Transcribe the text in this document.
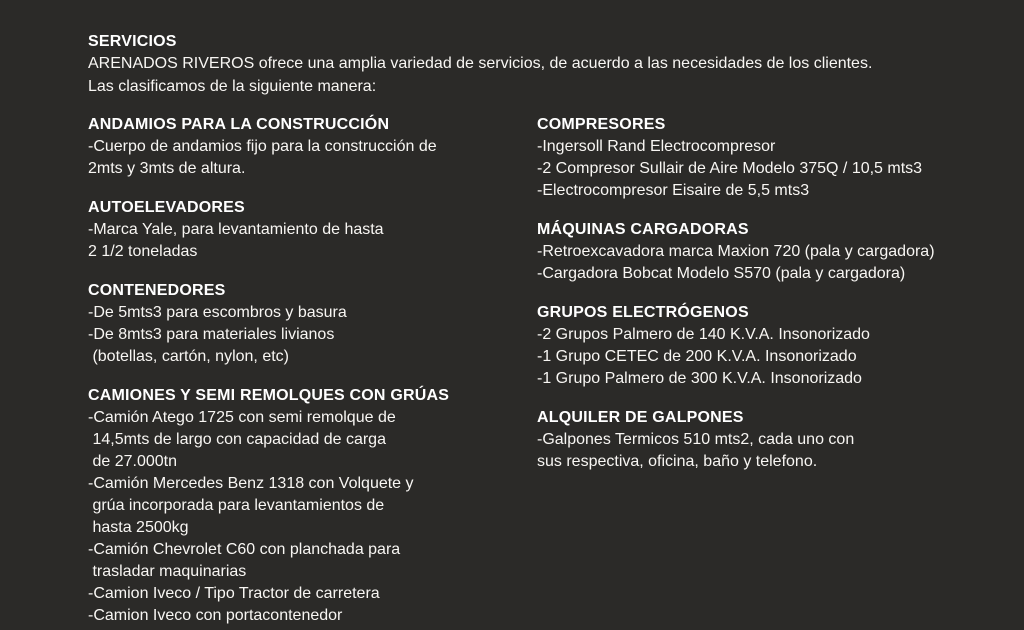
SERVICIOS
ARENADOS RIVEROS ofrece una amplia variedad de servicios, de acuerdo a las necesidades de los clientes.
Las clasificamos de la siguiente manera:
ANDAMIOS PARA LA CONSTRUCCIÓN
-Cuerpo de andamios fijo para la construcción de
2mts y 3mts de altura.
AUTOELEVADORES
-Marca Yale, para levantamiento de hasta
2 1/2 toneladas
CONTENEDORES
-De 5mts3 para escombros y basura
-De 8mts3 para materiales livianos
(botellas, cartón, nylon, etc)
CAMIONES Y SEMI REMOLQUES CON GRÚAS
-Camión Atego 1725 con semi remolque de
14,5mts de largo con capacidad de carga
de 27.000tn
-Camión Mercedes Benz 1318 con Volquete y
grúa incorporada para levantamientos de
hasta 2500kg
-Camión Chevrolet C60 con planchada para
trasladar maquinarias
-Camion Iveco / Tipo Tractor de carretera
-Camion Iveco con portacontenedor
COMPRESORES
-Ingersoll Rand Electrocompresor
-2 Compresor Sullair de Aire Modelo 375Q / 10,5 mts3
-Electrocompresor Eisaire de 5,5 mts3
MÁQUINAS CARGADORAS
-Retroexcavadora marca Maxion 720 (pala y cargadora)
-Cargadora Bobcat Modelo S570 (pala y cargadora)
GRUPOS ELECTRÓGENOS
-2 Grupos Palmero de 140 K.V.A. Insonorizado
-1 Grupo CETEC de 200 K.V.A. Insonorizado
-1 Grupo Palmero de 300 K.V.A. Insonorizado
ALQUILER DE GALPONES
-Galpones Termicos 510 mts2, cada uno con
sus respectiva, oficina, baño y telefono.
